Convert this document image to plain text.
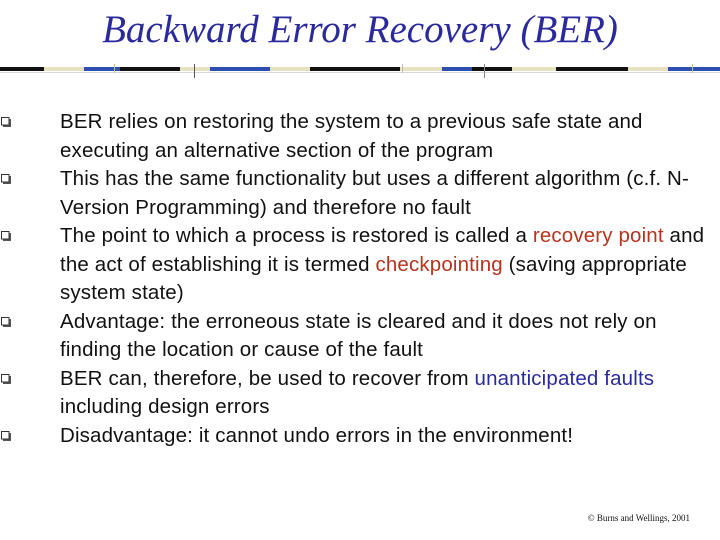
Backward Error Recovery (BER)
BER relies on restoring the system to a previous safe state and executing an alternative section of the program
This has the same functionality but uses a different algorithm (c.f. N-Version Programming) and therefore no fault
The point to which a process is restored is called a recovery point and the act of establishing it is termed checkpointing (saving appropriate system state)
Advantage: the erroneous state is cleared and it does not rely on finding the location or cause of the fault
BER can, therefore, be used to recover from unanticipated faults including design errors
Disadvantage: it cannot undo errors in the environment!
© Burns and Wellings, 2001
